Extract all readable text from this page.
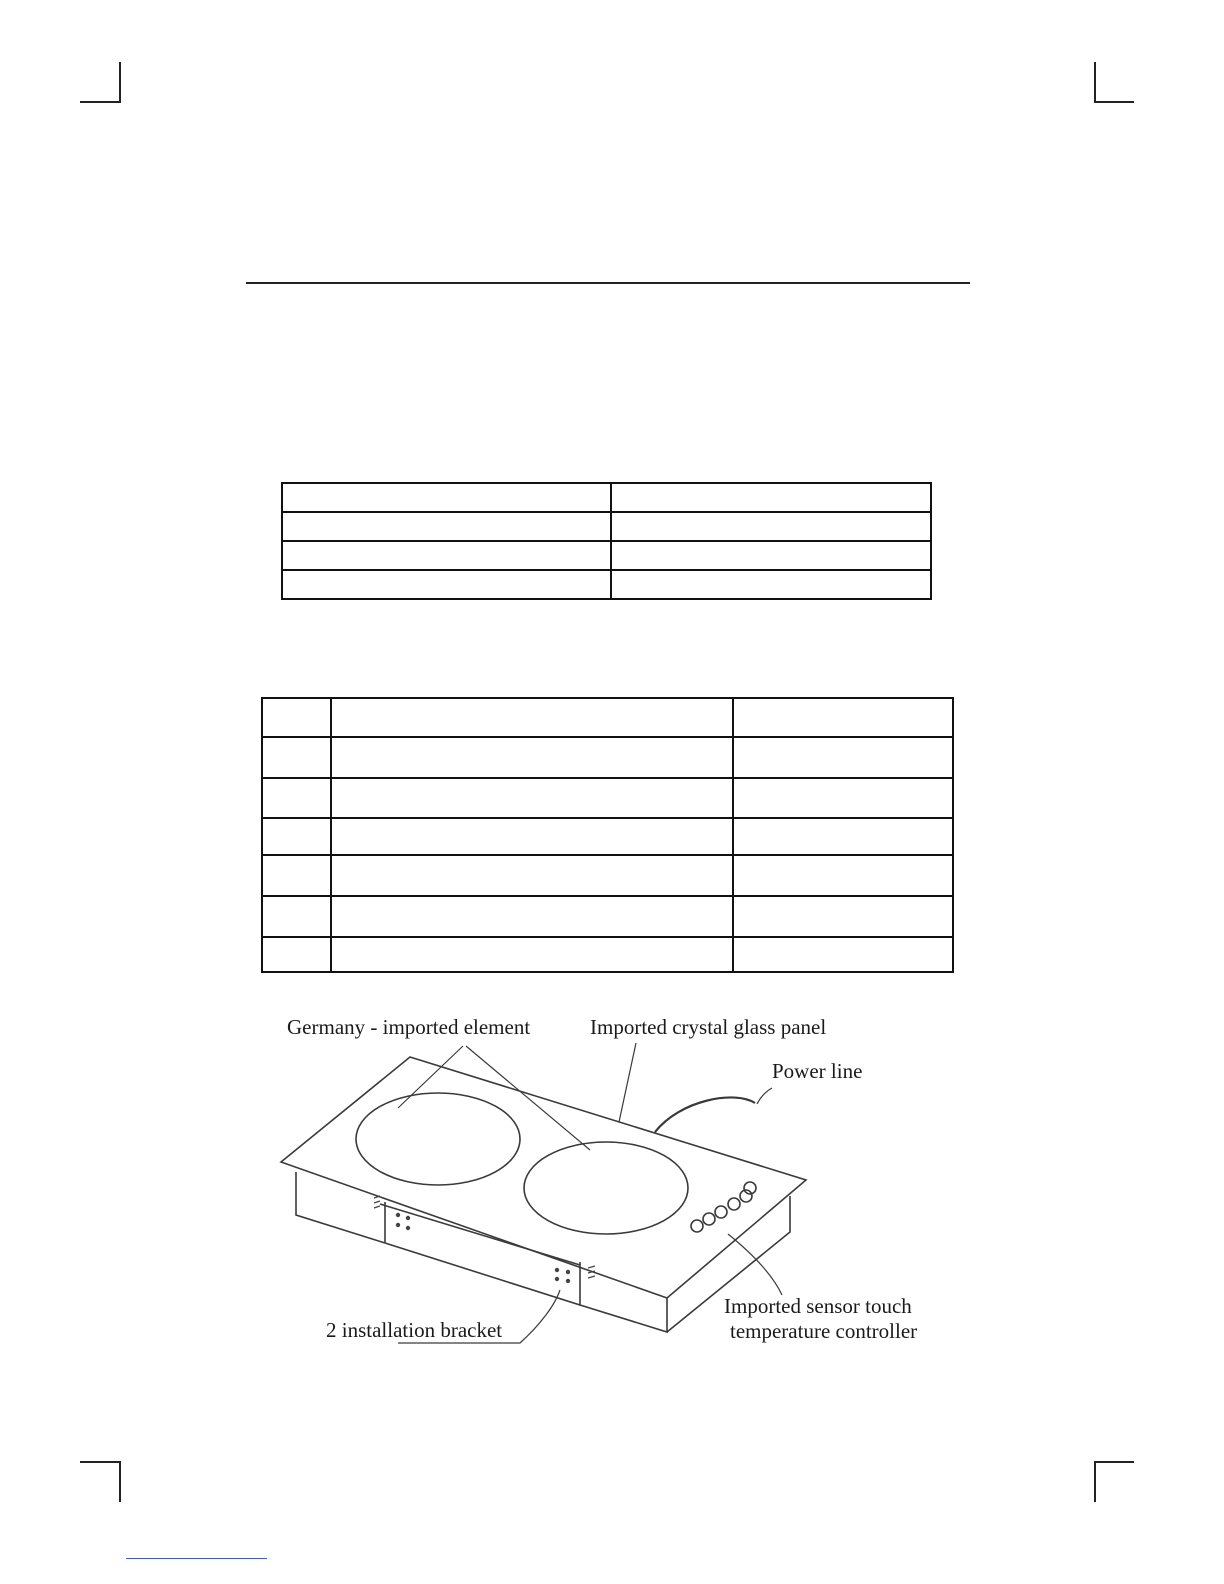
Germany - imported element	Imported crystal glass panel
Power line
Imported sensor touch
temperature controller
2 installation bracket
